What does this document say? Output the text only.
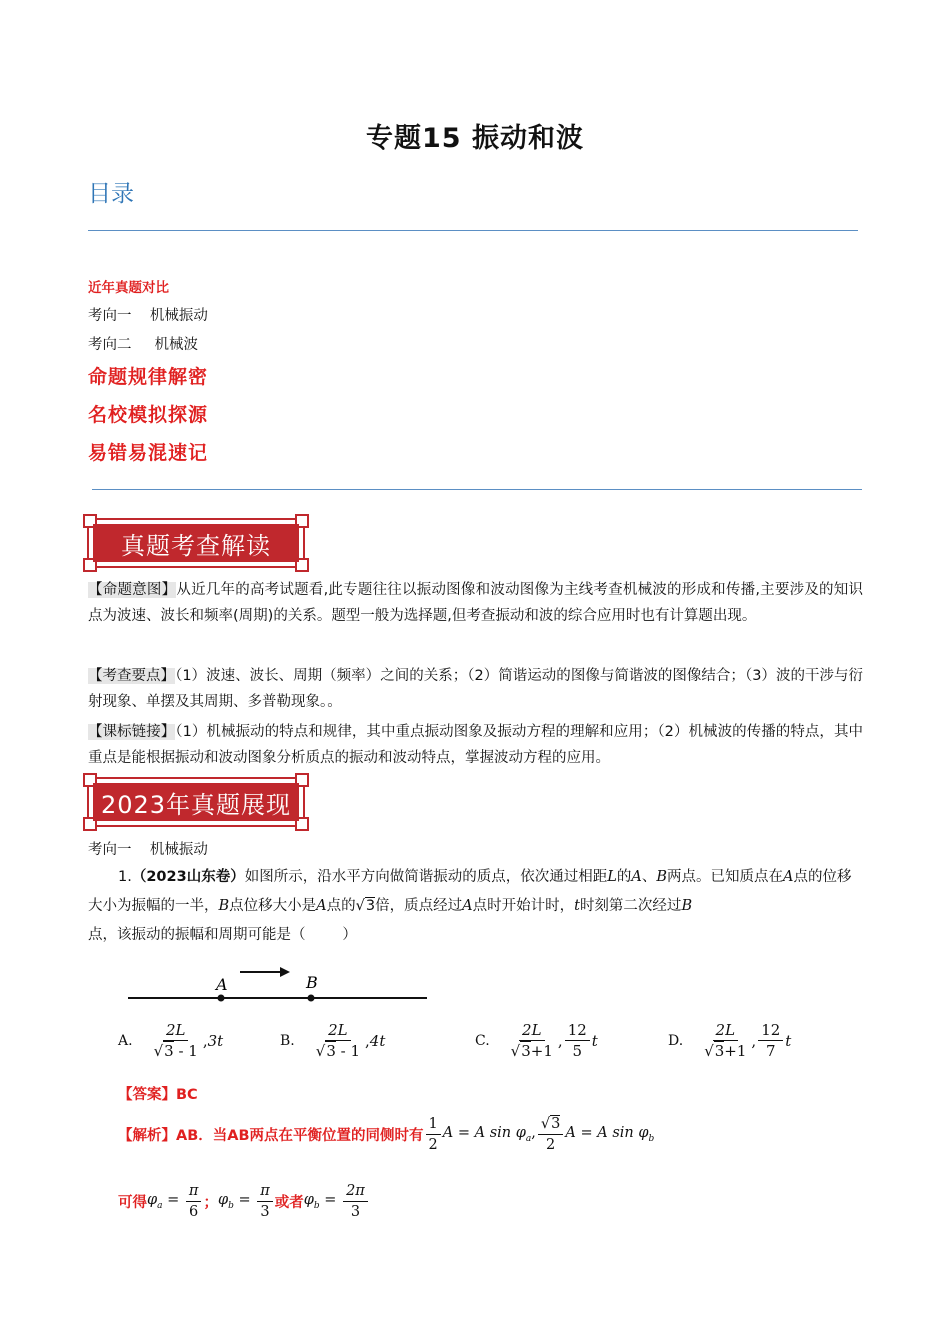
专题15 振动和波
目录
近年真题对比
考向一    机械振动
考向二     机械波
命题规律解密
名校模拟探源
易错易混速记
真题考查解读
【命题意图】从近几年的高考试题看,此专题往往以振动图像和波动图像为主线考查机械波的形成和传播,主要涉及的知识点为波速、波长和频率(周期)的关系。题型一般为选择题,但考查振动和波的综合应用时也有计算题出现。
【考查要点】（1）波速、波长、周期（频率）之间的关系；（2）简谐运动的图像与简谐波的图像结合；（3）波的干涉与衍射现象、单摆及其周期、多普勒现象。。
【课标链接】（1）机械振动的特点和规律，其中重点振动图象及振动方程的理解和应用；（2）机械波的传播的特点，其中重点是能根据振动和波动图象分析质点的振动和波动特点，掌握波动方程的应用。
2023年真题展现
考向一    机械振动
1.（2023山东卷）如图所示，沿水平方向做简谐振动的质点，依次通过相距L的A、B两点。已知质点在A点的位移大小为振幅的一半，B点位移大小是A点的√3倍，质点经过A点时开始计时，t时刻第二次经过B点，该振动的振幅和周期可能是（        ）
A	B
A. $\frac{2L}{√3 - 1}$ , 3t	B. $\frac{2L}{√3 - 1}$ , 4t	C. $\frac{2L}{√3+1}$ , $\frac{12}{5}$ t	D. $\frac{2L}{√3+1}$ , $\frac{12}{7}$ t
【答案】BC
【解析】 AB．当AB两点在平衡位置的同侧时有 $\frac{1}{2}$ A = A $\sin \varphi_a$, $\frac{√3}{2}$ A = A $\sin \varphi_b$
可得 $\varphi_a = \frac{\pi}{6}$ ； $\varphi_b = \frac{\pi}{3}$ 或者 $\varphi_b = \frac{2\pi}{3}$
